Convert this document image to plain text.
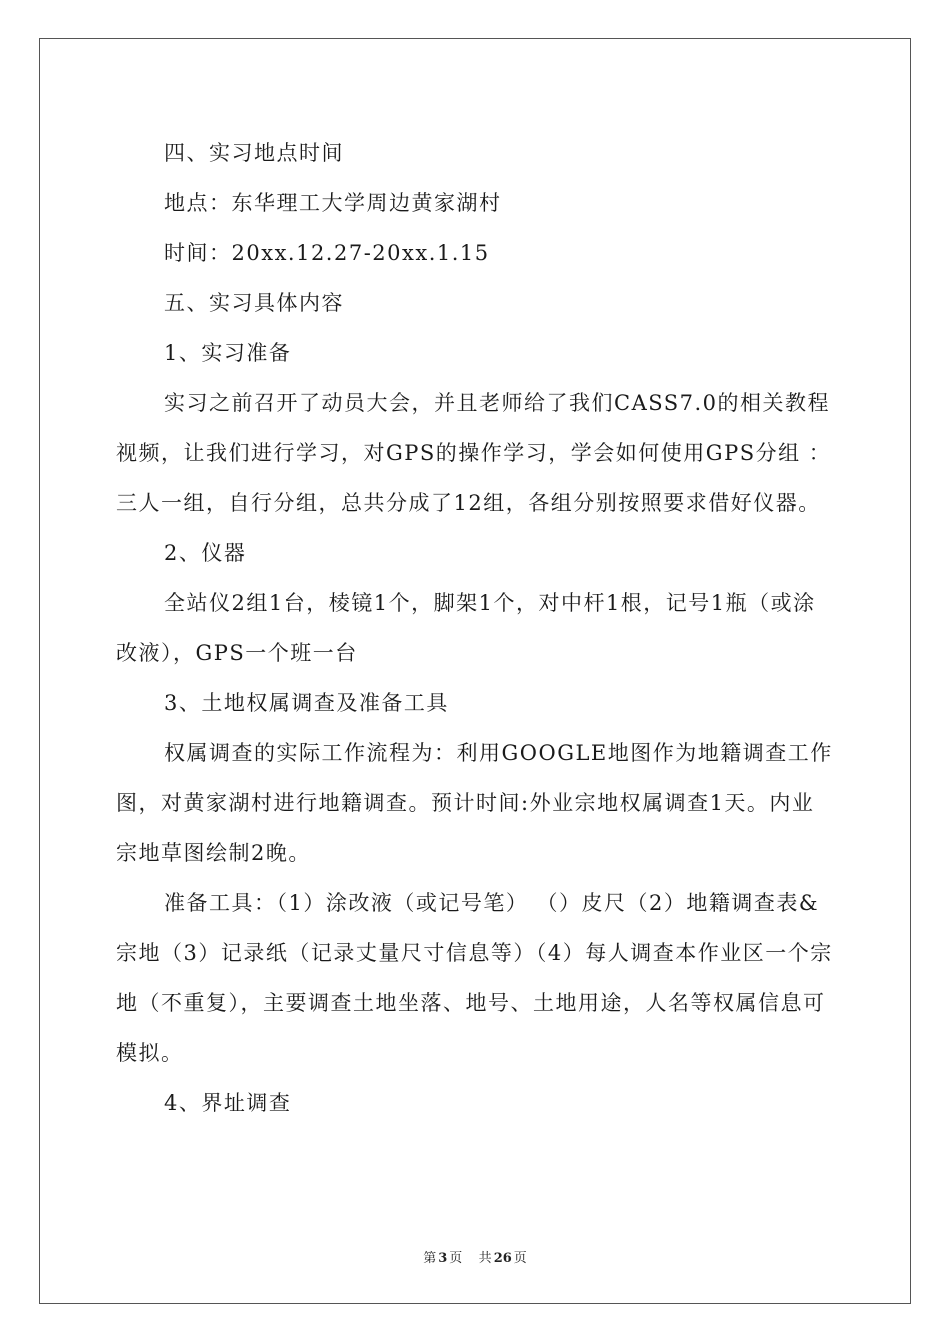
四、实习地点时间

地点：东华理工大学周边黄家湖村

时间：20xx.12.27-20xx.1.15

五、实习具体内容

1、实习准备

实习之前召开了动员大会，并且老师给了我们CASS7.0的相关教程视频，让我们进行学习，对GPS的操作学习，学会如何使用GPS分组 ：三人一组，自行分组，总共分成了12组，各组分别按照要求借好仪器。

2、仪器

全站仪2组1台，棱镜1个，脚架1个，对中杆1根，记号1瓶（或涂改液），GPS一个班一台

3、土地权属调查及准备工具

权属调查的实际工作流程为：利用GOOGLE地图作为地籍调查工作图，对黄家湖村进行地籍调查。预计时间:外业宗地权属调查1天。内业宗地草图绘制2晚。

准备工具：（1）涂改液（或记号笔） （）皮尺（2）地籍调查表&宗地（3）记录纸（记录丈量尺寸信息等）（4）每人调查本作业区一个宗地（不重复），主要调查土地坐落、地号、土地用途，人名等权属信息可模拟。

4、界址调查

第 3 页 共 26 页
